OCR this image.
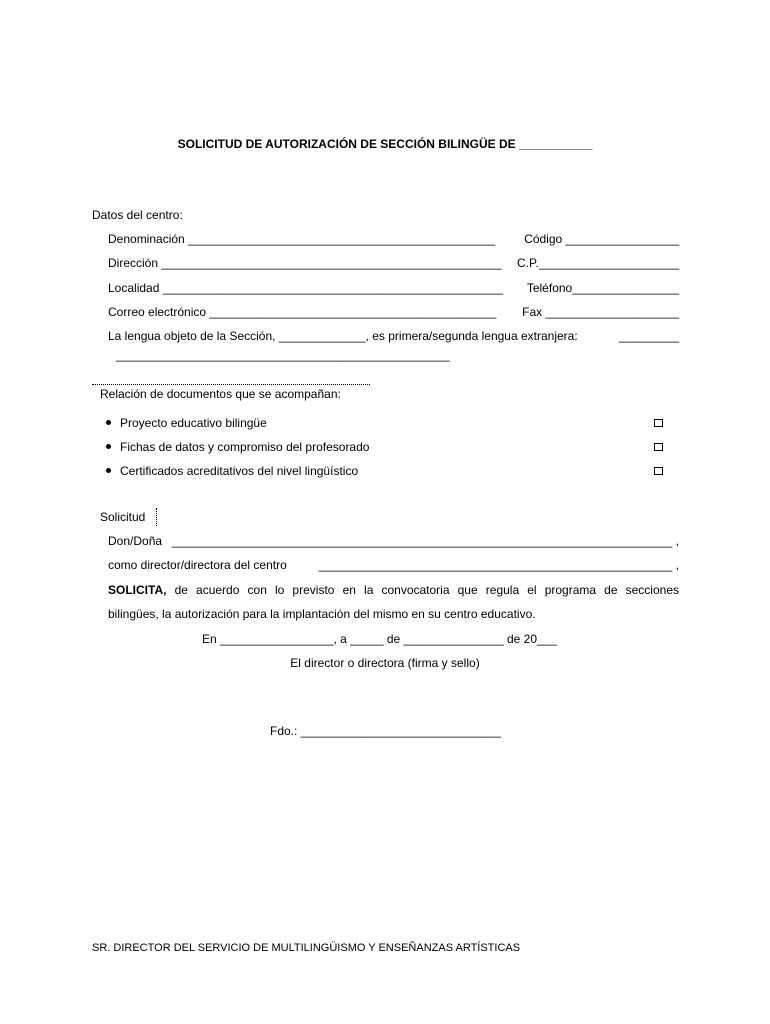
SOLICITUD DE AUTORIZACIÓN DE SECCIÓN BILINGÜE DE ___________
Datos del centro:
Denominación ______________________________________________ Código _________________
Dirección ___________________________________________________ C.P._____________________
Localidad ___________________________________________________ Teléfono________________
Correo electrónico ___________________________________________ Fax ____________________
La lengua objeto de la Sección, _____________, es primera/segunda lengua extranjera:	_________
__________________________________________________
Relación de documentos que se acompañan:
Proyecto educativo bilingüe
Fichas de datos y compromiso del profesorado
Certificados acreditativos del nivel lingüístico
Solicitud
Don/Doña ___________________________________________________________________________ ,
como director/directora del centro	_____________________________________________________ ,
SOLICITA, de acuerdo con lo previsto en la convocatoria que regula el programa de secciones
bilingües, la autorización para la implantación del mismo en su centro educativo.
En _________________, a _____ de _______________ de 20___
El director o directora (firma y sello)
Fdo.: ______________________________
SR. DIRECTOR DEL SERVICIO DE MULTILINGÜISMO Y ENSEÑANZAS ARTÍSTICAS
